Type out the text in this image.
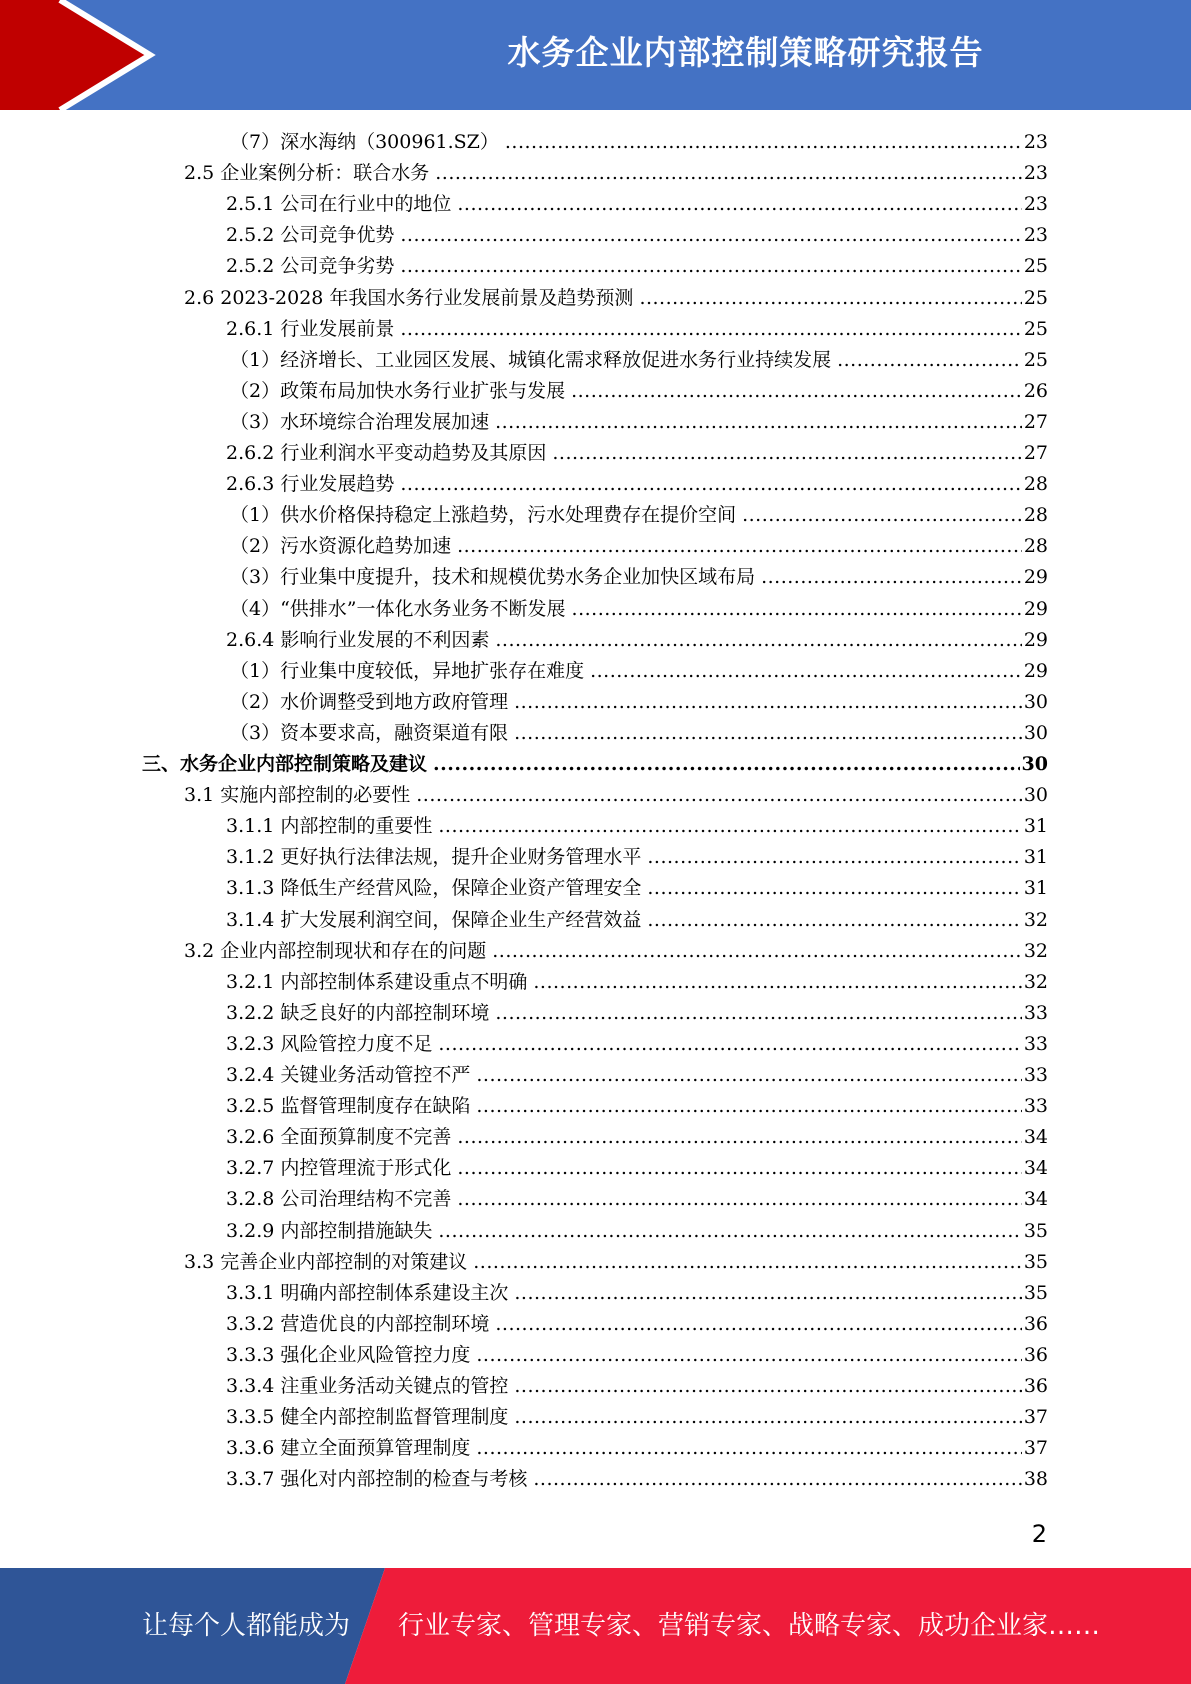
水务企业内部控制策略研究报告
（7）深水海纳（300961.SZ） .....	23
2.5 企业案例分析：联合水务 .....	23
2.5.1 公司在行业中的地位 .....	23
2.5.2 公司竞争优势 .....	23
2.5.2 公司竞争劣势 .....	25
2.6 2023-2028 年我国水务行业发展前景及趋势预测 .....	25
2.6.1 行业发展前景 .....	25
（1）经济增长、工业园区发展、城镇化需求释放促进水务行业持续发展 .....	25
（2）政策布局加快水务行业扩张与发展 .....	26
（3）水环境综合治理发展加速 .....	27
2.6.2 行业利润水平变动趋势及其原因 .....	27
2.6.3 行业发展趋势 .....	28
（1）供水价格保持稳定上涨趋势，污水处理费存在提价空间 .....	28
（2）污水资源化趋势加速 .....	28
（3）行业集中度提升，技术和规模优势水务企业加快区域布局 .....	29
（4）“供排水”一体化水务业务不断发展 .....	29
2.6.4 影响行业发展的不利因素 .....	29
（1）行业集中度较低，异地扩张存在难度 .....	29
（2）水价调整受到地方政府管理 .....	30
（3）资本要求高，融资渠道有限 .....	30
三、水务企业内部控制策略及建议 .....	30
3.1 实施内部控制的必要性 .....	30
3.1.1 内部控制的重要性 .....	31
3.1.2 更好执行法律法规，提升企业财务管理水平 .....	31
3.1.3 降低生产经营风险，保障企业资产管理安全 .....	31
3.1.4 扩大发展利润空间，保障企业生产经营效益 .....	32
3.2 企业内部控制现状和存在的问题 .....	32
3.2.1 内部控制体系建设重点不明确 .....	32
3.2.2 缺乏良好的内部控制环境 .....	33
3.2.3 风险管控力度不足 .....	33
3.2.4 关键业务活动管控不严 .....	33
3.2.5 监督管理制度存在缺陷 .....	33
3.2.6 全面预算制度不完善 .....	34
3.2.7 内控管理流于形式化 .....	34
3.2.8 公司治理结构不完善 .....	34
3.2.9 内部控制措施缺失 .....	35
3.3 完善企业内部控制的对策建议 .....	35
3.3.1 明确内部控制体系建设主次 .....	35
3.3.2 营造优良的内部控制环境 .....	36
3.3.3 强化企业风险管控力度 .....	36
3.3.4 注重业务活动关键点的管控 .....	36
3.3.5 健全内部控制监督管理制度 .....	37
3.3.6 建立全面预算管理制度 .....	37
3.3.7 强化对内部控制的检查与考核 .....	38
2
让每个人都能成为 行业专家、管理专家、营销专家、战略专家、成功企业家……
